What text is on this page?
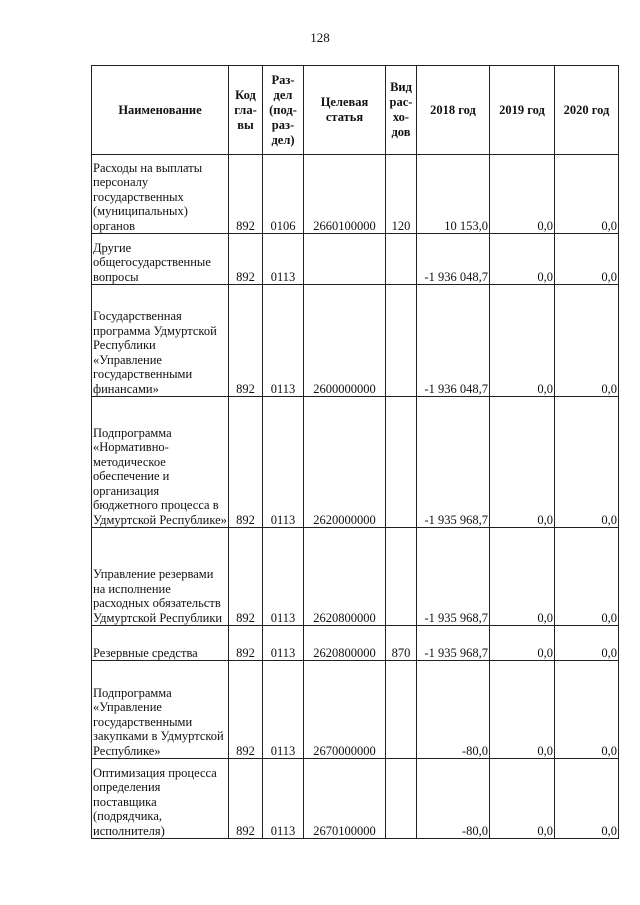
128
Наименование	Код гла- вы	Раз- дел (под- раз- дел)	Целевая статья	Вид рас- хо- дов	2018 год	2019 год	2020 год
Расходы на выплаты персоналу государственных (муниципальных) органов	892	0106	2660100000	120	10 153,0	0,0	0,0
Другие общегосударственные вопросы	892	0113			-1 936 048,7	0,0	0,0
Государственная программа Удмуртской Республики «Управление государственными финансами»	892	0113	2600000000		-1 936 048,7	0,0	0,0
Подпрограмма «Нормативно- методическое обеспечение и организация бюджетного процесса в Удмуртской Республике»	892	0113	2620000000		-1 935 968,7	0,0	0,0
Управление резервами на исполнение расходных обязательств Удмуртской Республики	892	0113	2620800000		-1 935 968,7	0,0	0,0
Резервные средства	892	0113	2620800000	870	-1 935 968,7	0,0	0,0
Подпрограмма «Управление государственными закупками в Удмуртской Республике»	892	0113	2670000000		-80,0	0,0	0,0
Оптимизация процесса определения поставщика (подрядчика, исполнителя)	892	0113	2670100000		-80,0	0,0	0,0
